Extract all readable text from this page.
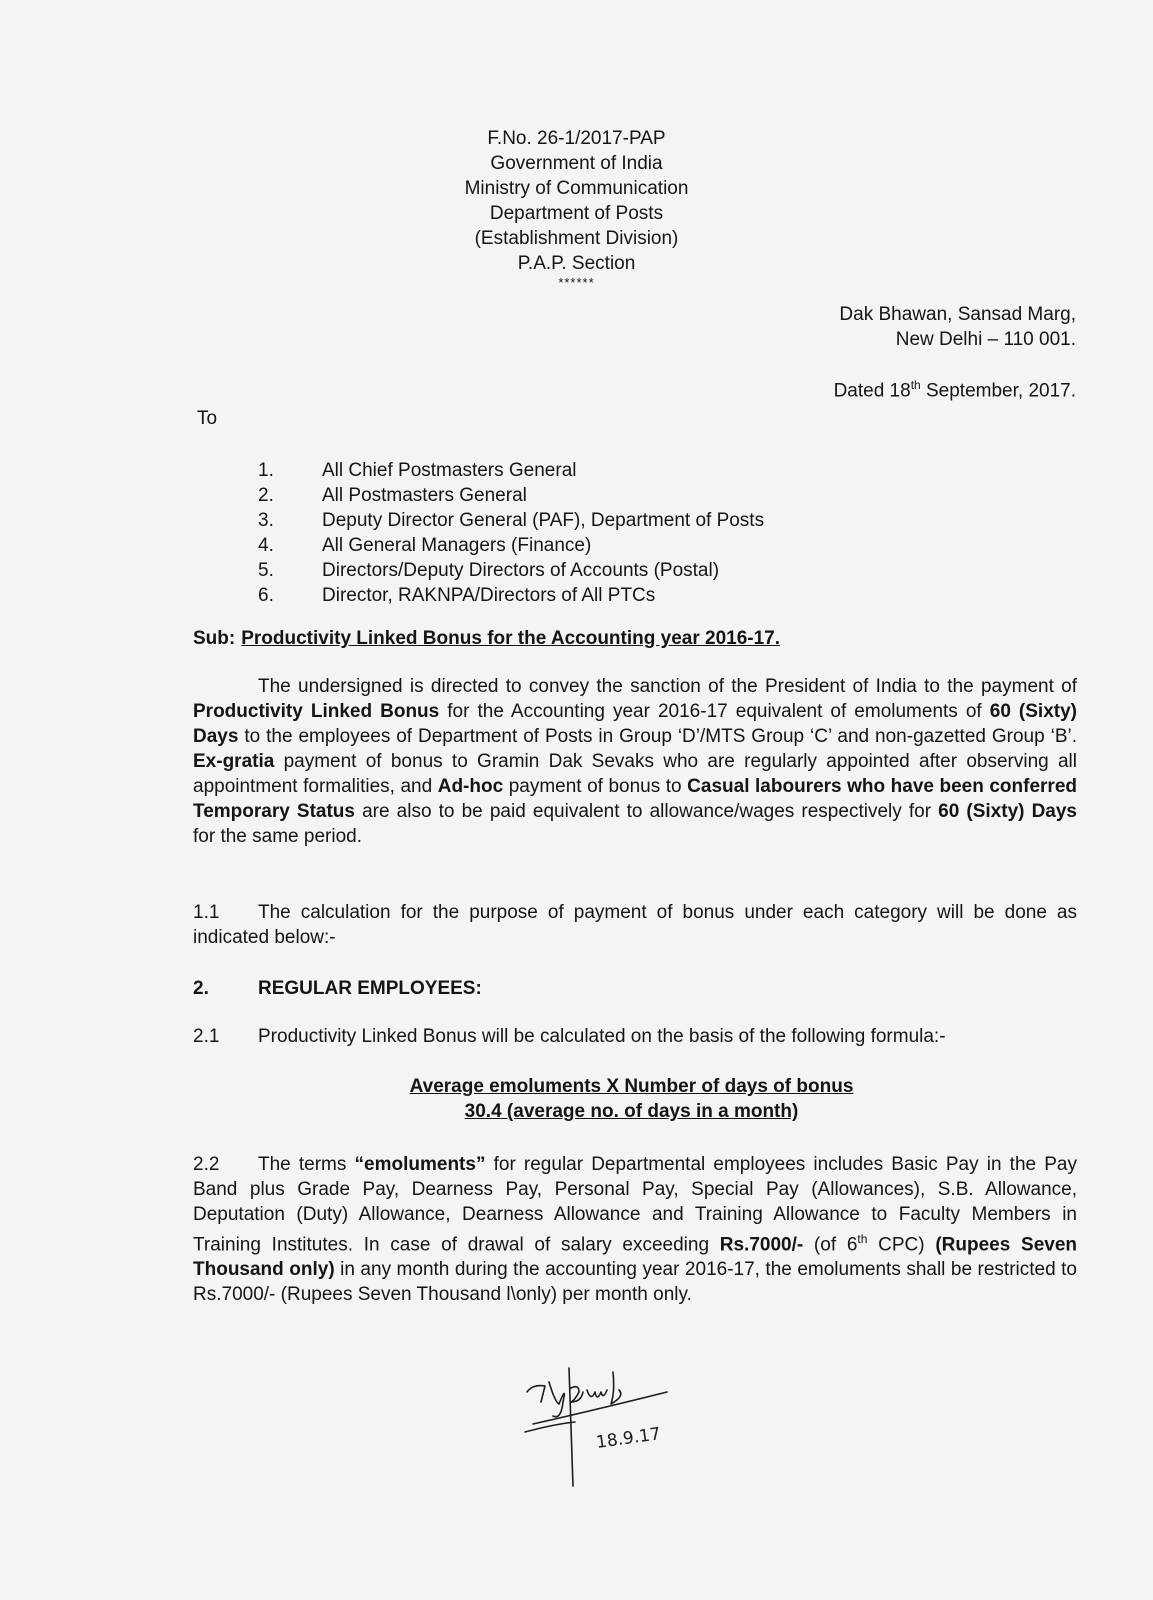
F.No. 26-1/2017-PAP
Government of India
Ministry of Communication
Department of Posts
(Establishment Division)
P.A.P. Section
******
Dak Bhawan, Sansad Marg,
New Delhi – 110 001.
Dated 18th September, 2017.
To
1.	All Chief Postmasters General
2.	All Postmasters General
3.	Deputy Director General (PAF), Department of Posts
4.	All General Managers (Finance)
5.	Directors/Deputy Directors of Accounts (Postal)
6.	Director, RAKNPA/Directors of All PTCs
Sub: Productivity Linked Bonus for the Accounting year 2016-17.
The undersigned is directed to convey the sanction of the President of India to the payment of Productivity Linked Bonus for the Accounting year 2016-17 equivalent of emoluments of 60 (Sixty) Days to the employees of Department of Posts in Group ‘D’/MTS Group ‘C’ and non-gazetted Group ‘B’. Ex-gratia payment of bonus to Gramin Dak Sevaks who are regularly appointed after observing all appointment formalities, and Ad-hoc payment of bonus to Casual labourers who have been conferred Temporary Status are also to be paid equivalent to allowance/wages respectively for 60 (Sixty) Days for the same period.
1.1 The calculation for the purpose of payment of bonus under each category will be done as indicated below:-
2.	REGULAR EMPLOYEES:
2.1 Productivity Linked Bonus will be calculated on the basis of the following formula:-
Average emoluments X Number of days of bonus
30.4 (average no. of days in a month)
2.2 The terms “emoluments” for regular Departmental employees includes Basic Pay in the Pay Band plus Grade Pay, Dearness Pay, Personal Pay, Special Pay (Allowances), S.B. Allowance, Deputation (Duty) Allowance, Dearness Allowance and Training Allowance to Faculty Members in Training Institutes. In case of drawal of salary exceeding Rs.7000/- (of 6th CPC) (Rupees Seven Thousand only) in any month during the accounting year 2016-17, the emoluments shall be restricted to Rs.7000/- (Rupees Seven Thousand l\only) per month only.
18.9.17
